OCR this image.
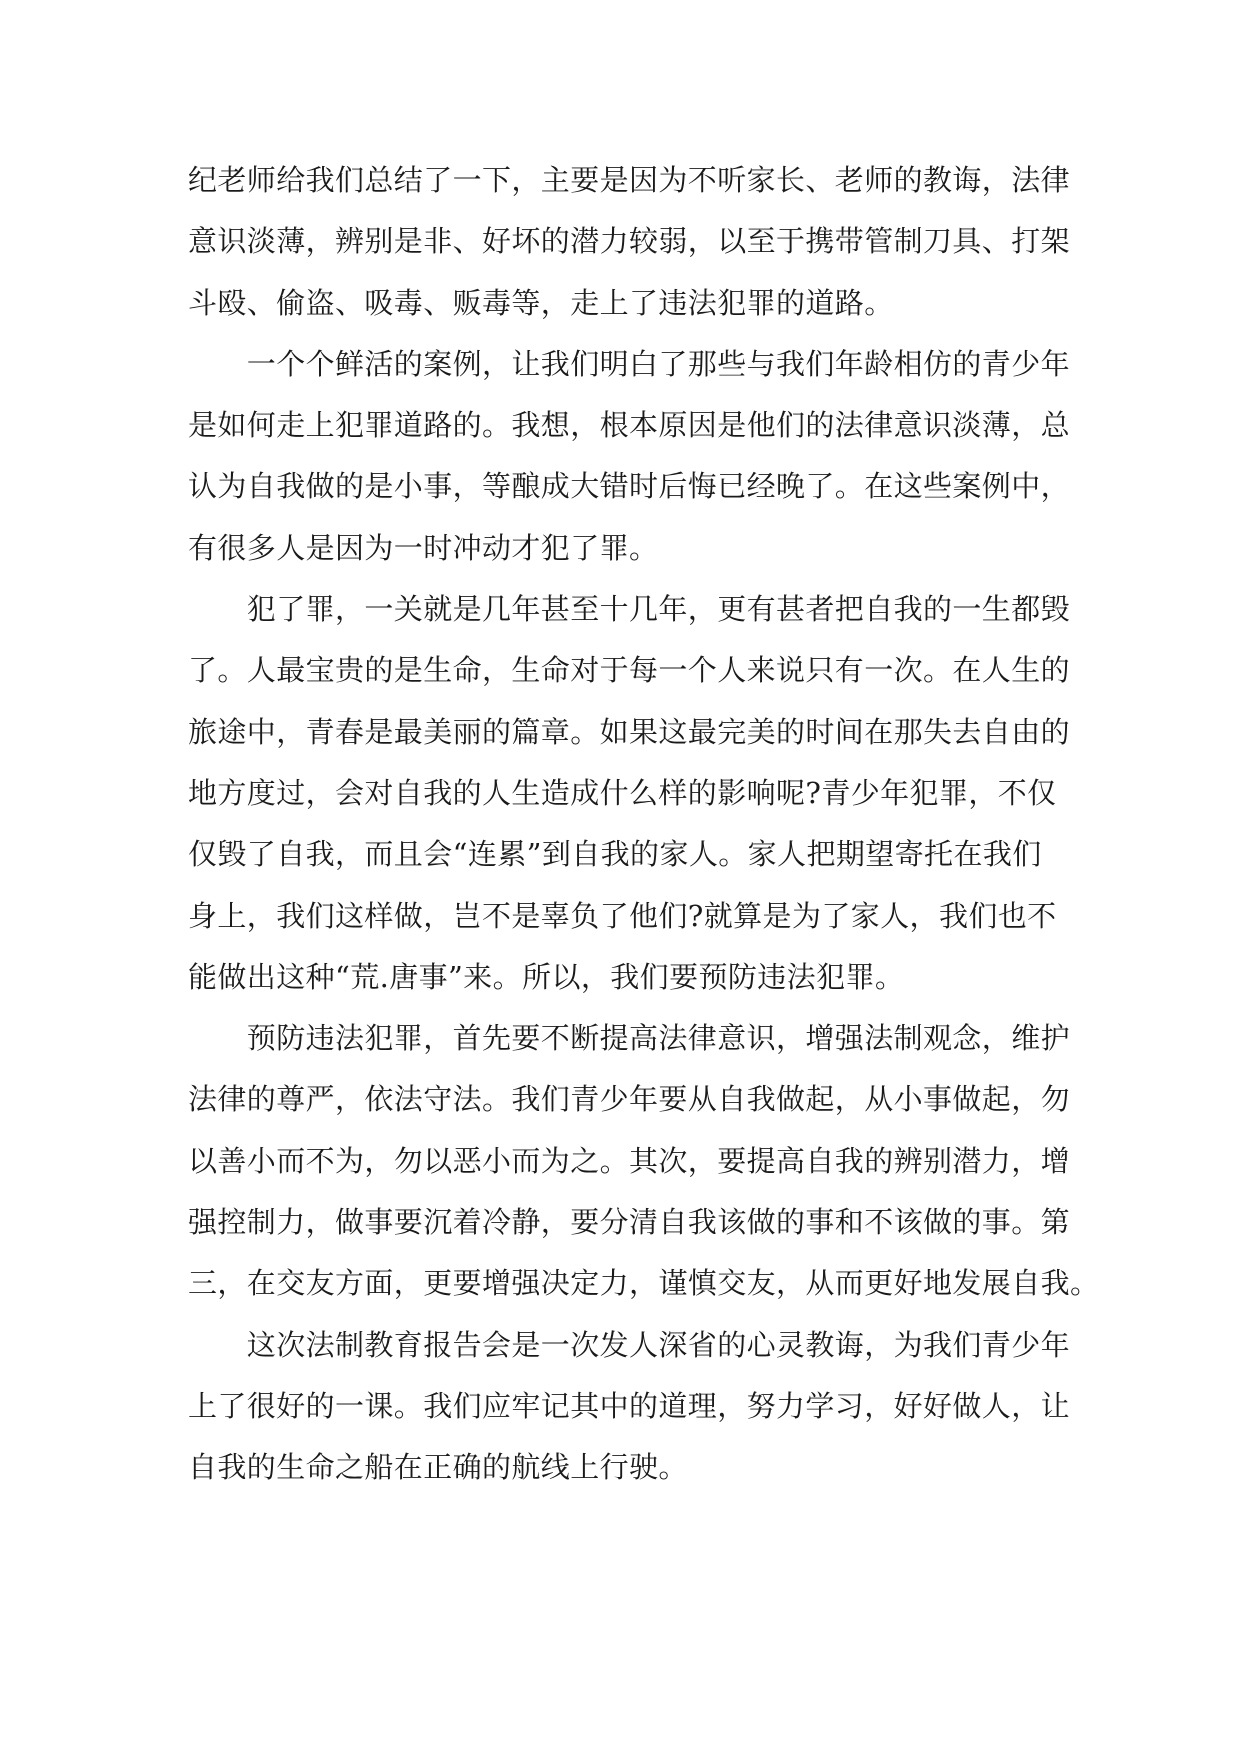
纪老师给我们总结了一下，主要是因为不听家长、老师的教诲，法律
意识淡薄，辨别是非、好坏的潜力较弱，以至于携带管制刀具、打架
斗殴、偷盗、吸毒、贩毒等，走上了违法犯罪的道路。
　　一个个鲜活的案例，让我们明白了那些与我们年龄相仿的青少年
是如何走上犯罪道路的。我想，根本原因是他们的法律意识淡薄，总
认为自我做的是小事，等酿成大错时后悔已经晚了。在这些案例中，
有很多人是因为一时冲动才犯了罪。
　　犯了罪，一关就是几年甚至十几年，更有甚者把自我的一生都毁
了。人最宝贵的是生命，生命对于每一个人来说只有一次。在人生的
旅途中，青春是最美丽的篇章。如果这最完美的时间在那失去自由的
地方度过，会对自我的人生造成什么样的影响呢?青少年犯罪，不仅
仅毁了自我，而且会“连累”到自我的家人。家人把期望寄托在我们
身上，我们这样做，岂不是辜负了他们?就算是为了家人，我们也不
能做出这种“荒.唐事”来。所以，我们要预防违法犯罪。
　　预防违法犯罪，首先要不断提高法律意识，增强法制观念，维护
法律的尊严，依法守法。我们青少年要从自我做起，从小事做起，勿
以善小而不为，勿以恶小而为之。其次，要提高自我的辨别潜力，增
强控制力，做事要沉着冷静，要分清自我该做的事和不该做的事。第
三，在交友方面，更要增强决定力，谨慎交友，从而更好地发展自我。
　　这次法制教育报告会是一次发人深省的心灵教诲，为我们青少年
上了很好的一课。我们应牢记其中的道理，努力学习，好好做人，让
自我的生命之船在正确的航线上行驶。
